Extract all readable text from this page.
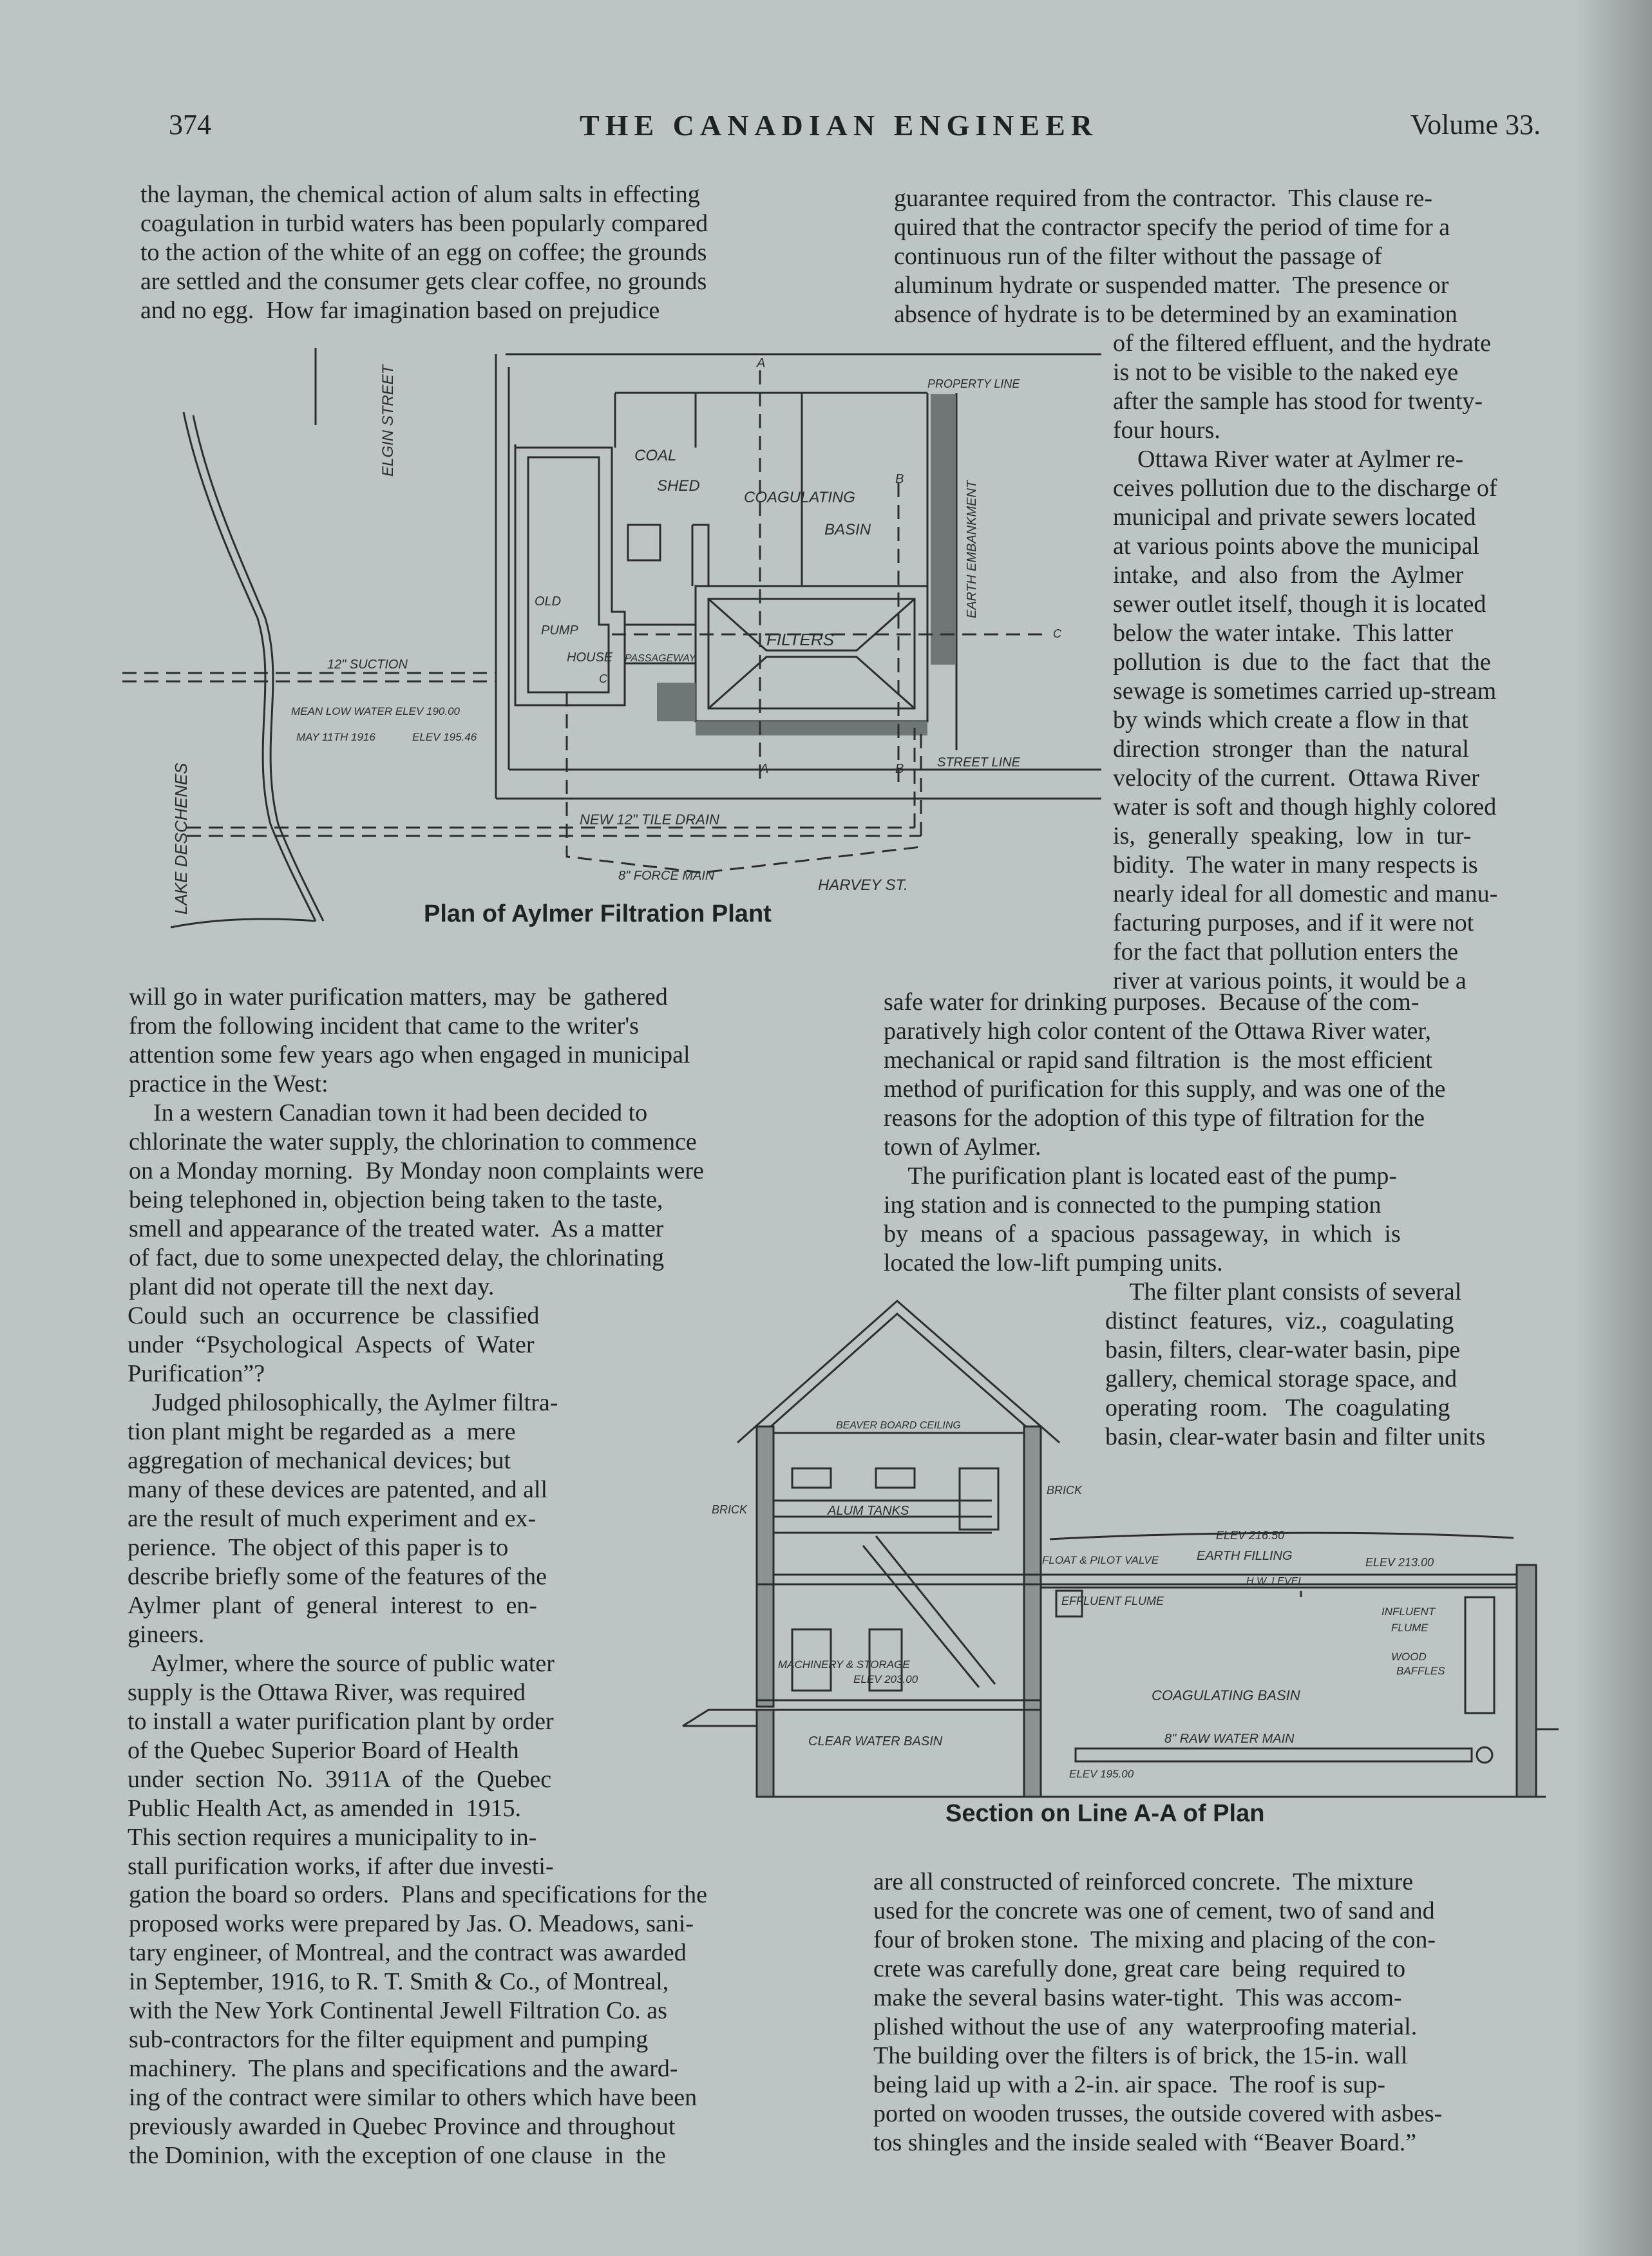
374	THE CANADIAN ENGINEER	Volume 33.
the layman, the chemical action of alum salts in effecting
coagulation in turbid waters has been popularly compared
to the action of the white of an egg on coffee; the grounds
are settled and the consumer gets clear coffee, no grounds
and no egg.  How far imagination based on prejudice
will go in water purification matters, may  be  gathered
from the following incident that came to the writer's
attention some few years ago when engaged in municipal
practice in the West:
In a western Canadian town it had been decided to
chlorinate the water supply, the chlorination to commence
on a Monday morning.  By Monday noon complaints were
being telephoned in, objection being taken to the taste,
smell and appearance of the treated water.  As a matter
of fact, due to some unexpected delay, the chlorinating
plant did not operate till the next day.
Could  such  an  occurrence  be  classified
under  “Psychological  Aspects  of  Water
Purification”?
Judged philosophically, the Aylmer filtra-
tion plant might be regarded as  a  mere
aggregation of mechanical devices; but
many of these devices are patented, and all
are the result of much experiment and ex-
perience.  The object of this paper is to
describe briefly some of the features of the
Aylmer  plant  of  general  interest  to  en-
gineers.
Aylmer, where the source of public water
supply is the Ottawa River, was required
to install a water purification plant by order
of the Quebec Superior Board of Health
under  section  No.  3911A  of  the  Quebec
Public Health Act, as amended in  1915.
This section requires a municipality to in-
stall purification works, if after due investi-
gation the board so orders.  Plans and specifications for the
proposed works were prepared by Jas. O. Meadows, sani-
tary engineer, of Montreal, and the contract was awarded
in September, 1916, to R. T. Smith & Co., of Montreal,
with the New York Continental Jewell Filtration Co. as
sub-contractors for the filter equipment and pumping
machinery.  The plans and specifications and the award-
ing of the contract were similar to others which have been
previously awarded in Quebec Province and throughout
the Dominion, with the exception of one clause  in  the
guarantee required from the contractor.  This clause re-
quired that the contractor specify the period of time for a
continuous run of the filter without the passage of
aluminum hydrate or suspended matter.  The presence or
absence of hydrate is to be determined by an examination
of the filtered effluent, and the hydrate
is not to be visible to the naked eye
after the sample has stood for twenty-
four hours.
Ottawa River water at Aylmer re-
ceives pollution due to the discharge of
municipal and private sewers located
at various points above the municipal
intake,  and  also  from  the  Aylmer
sewer outlet itself, though it is located
below the water intake.  This latter
pollution  is  due  to  the  fact  that  the
sewage is sometimes carried up-stream
by winds which create a flow in that
direction  stronger  than  the  natural
velocity of the current.  Ottawa River
water is soft and though highly colored
is,  generally  speaking,  low  in  tur-
bidity.  The water in many respects is
nearly ideal for all domestic and manu-
facturing purposes, and if it were not
for the fact that pollution enters the
river at various points, it would be a
safe water for drinking purposes.  Because of the com-
paratively high color content of the Ottawa River water,
mechanical or rapid sand filtration  is  the most efficient
method of purification for this supply, and was one of the
reasons for the adoption of this type of filtration for the
town of Aylmer.
The purification plant is located east of the pump-
ing station and is connected to the pumping station
by  means  of  a  spacious  passageway,  in  which  is
located the low-lift pumping units.
The filter plant consists of several
distinct  features,  viz.,  coagulating
basin, filters, clear-water basin, pipe
gallery, chemical storage space, and
operating  room.   The  coagulating
basin, clear-water basin and filter units
are all constructed of reinforced concrete.  The mixture
used for the concrete was one of cement, two of sand and
four of broken stone.  The mixing and placing of the con-
crete was carefully done, great care  being  required to
make the several basins water-tight.  This was accom-
plished without the use of  any  waterproofing material.
The building over the filters is of brick, the 15-in. wall
being laid up with a 2-in. air space.  The roof is sup-
ported on wooden trusses, the outside covered with asbes-
tos shingles and the inside sealed with “Beaver Board.”
ELGIN STREET
LAKE DESCHENES
COAL
SHED
COAGULATING
BASIN
OLD
PUMP
HOUSE PASSAGEWAY
FILTERS
EARTH EMBANKMENT
PROPERTY LINE
STREET LINE
12" SUCTION
MEAN LOW WATER ELEV 190.00
MAY 11TH 1916	ELEV 195.46
NEW 12" TILE DRAIN
8" FORCE MAIN
HARVEY ST.
A
A
B
B
C
C
Plan of Aylmer Filtration Plant
BEAVER BOARD CEILING
BRICK
BRICK
ALUM TANKS
FLOAT & PILOT VALVE	EARTH FILLING
ELEV 216.50
ELEV 213.00
H.W. LEVEL
EFFLUENT FLUME
INFLUENT
FLUME
WOOD
BAFFLES
MACHINERY & STORAGE
ELEV 203.00
COAGULATING BASIN
8" RAW WATER MAIN
CLEAR WATER BASIN
ELEV 195.00
Section on Line A-A of Plan
